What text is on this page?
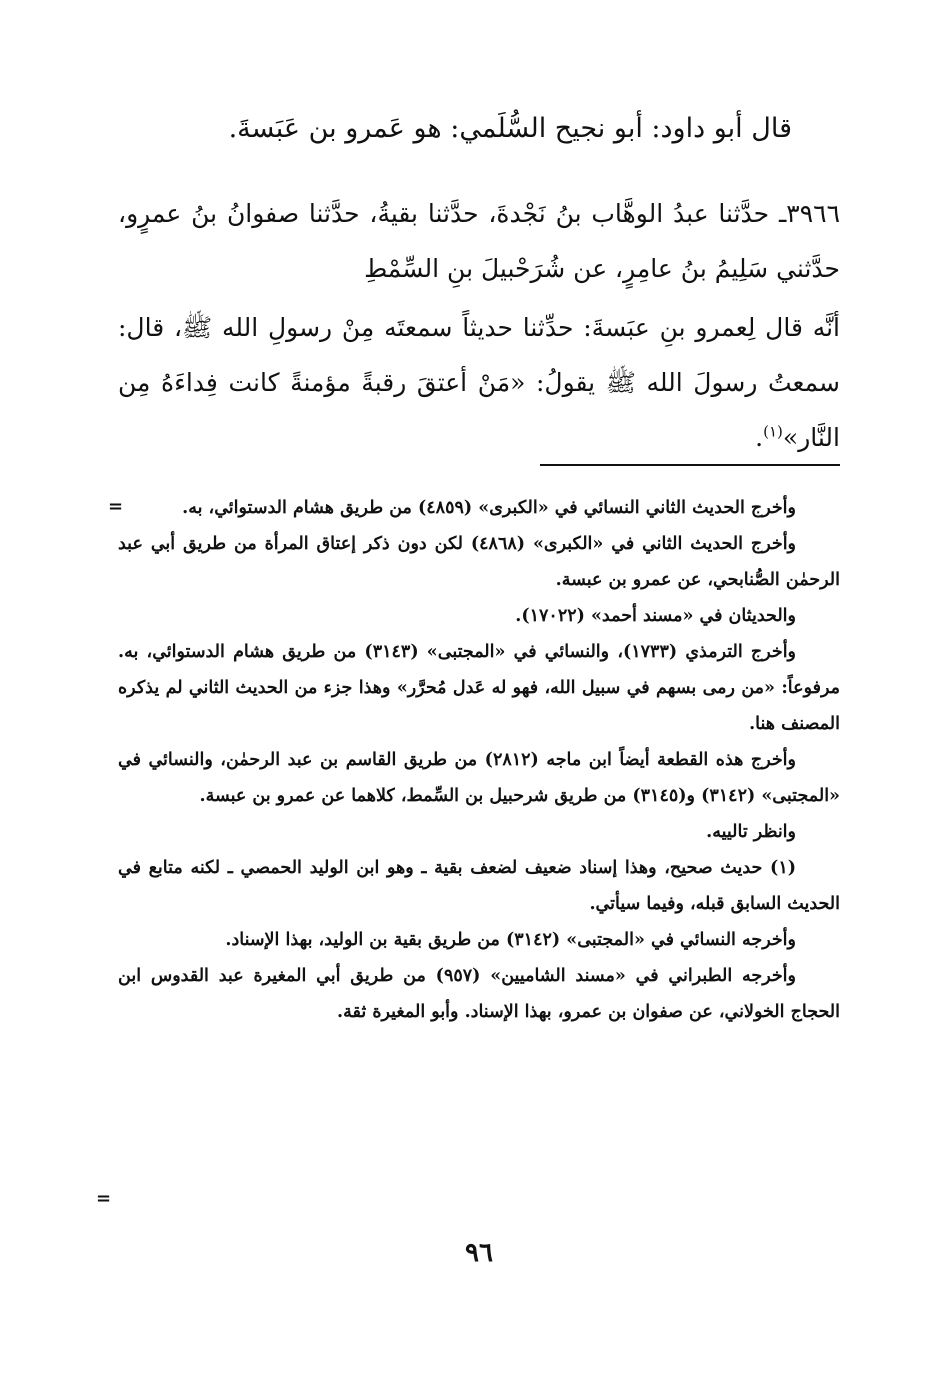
قال أبو داود: أبو نجيح السُّلَمي: هو عَمرو بن عَبَسةَ.
٣٩٦٦ـ حدَّثنا عبدُ الوهَّاب بنُ نَجْدةَ، حدَّثنا بقيةُ، حدَّثنا صفوانُ بنُ عمرٍو، حدَّثني سَلِيمُ بنُ عامِرٍ، عن شُرَحْبيلَ بنِ السِّمْطِ
أنَّه قال لِعمرو بنِ عبَسةَ: حدِّثنا حديثاً سمعتَه مِنْ رسولِ الله ﷺ، قال: سمعتُ رسولَ الله ﷺ يقولُ: «مَنْ أعتقَ رقبةً مؤمنةً كانت فِداءَهُ مِن النَّار»$^{(١)}$.
=	وأخرج الحديث الثاني النسائي في «الكبرى» (٤٨٥٩) من طريق هشام الدستوائي، به.

وأخرج الحديث الثاني في «الكبرى» (٤٨٦٨) لكن دون ذكر إعتاق المرأة من طريق أبي عبد الرحمٰن الصُّنابحي، عن عمرو بن عبسة.

والحديثان في «مسند أحمد» (١٧٠٢٢).

وأخرج الترمذي (١٧٣٣)، والنسائي في «المجتبى» (٣١٤٣) من طريق هشام الدستوائي، به. مرفوعاً: «من رمى بسهم في سبيل الله، فهو له عَدل مُحرَّر» وهذا جزء من الحديث الثاني لم يذكره المصنف هنا.

وأخرج هذه القطعة أيضاً ابن ماجه (٢٨١٢) من طريق القاسم بن عبد الرحمٰن، والنسائي في «المجتبى» (٣١٤٢) و(٣١٤٥) من طريق شرحبيل بن السِّمط، كلاهما عن عمرو بن عبسة.

وانظر تالييه.

(١) حديث صحيح، وهذا إسناد ضعيف لضعف بقية ـ وهو ابن الوليد الحمصي ـ لكنه متابع في الحديث السابق قبله، وفيما سيأتي.

وأخرجه النسائي في «المجتبى» (٣١٤٢) من طريق بقية بن الوليد، بهذا الإسناد.

وأخرجه الطبراني في «مسند الشاميين» (٩٥٧) من طريق أبي المغيرة عبد القدوس ابن الحجاج الخولاني، عن صفوان بن عمرو، بهذا الإسناد. وأبو المغيرة ثقة.

=
٩٦
